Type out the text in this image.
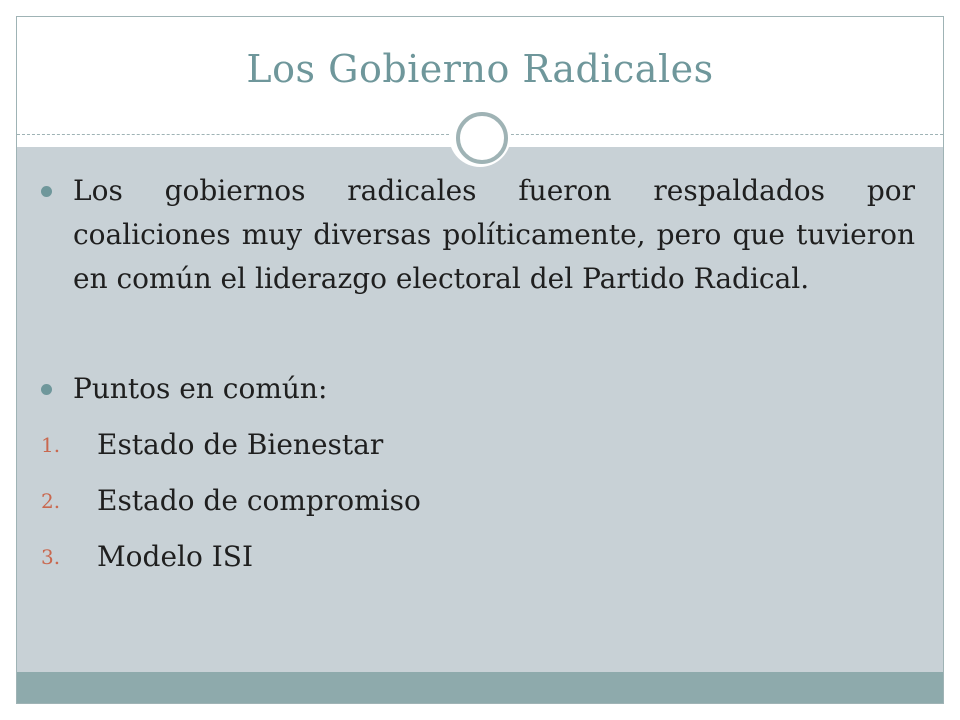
Los Gobierno Radicales
Los gobiernos radicales fueron respaldados por coaliciones muy diversas políticamente, pero que tuvieron en común el liderazgo electoral del Partido Radical.
Puntos en común:
1. Estado de Bienestar
2. Estado de compromiso
3. Modelo ISI
